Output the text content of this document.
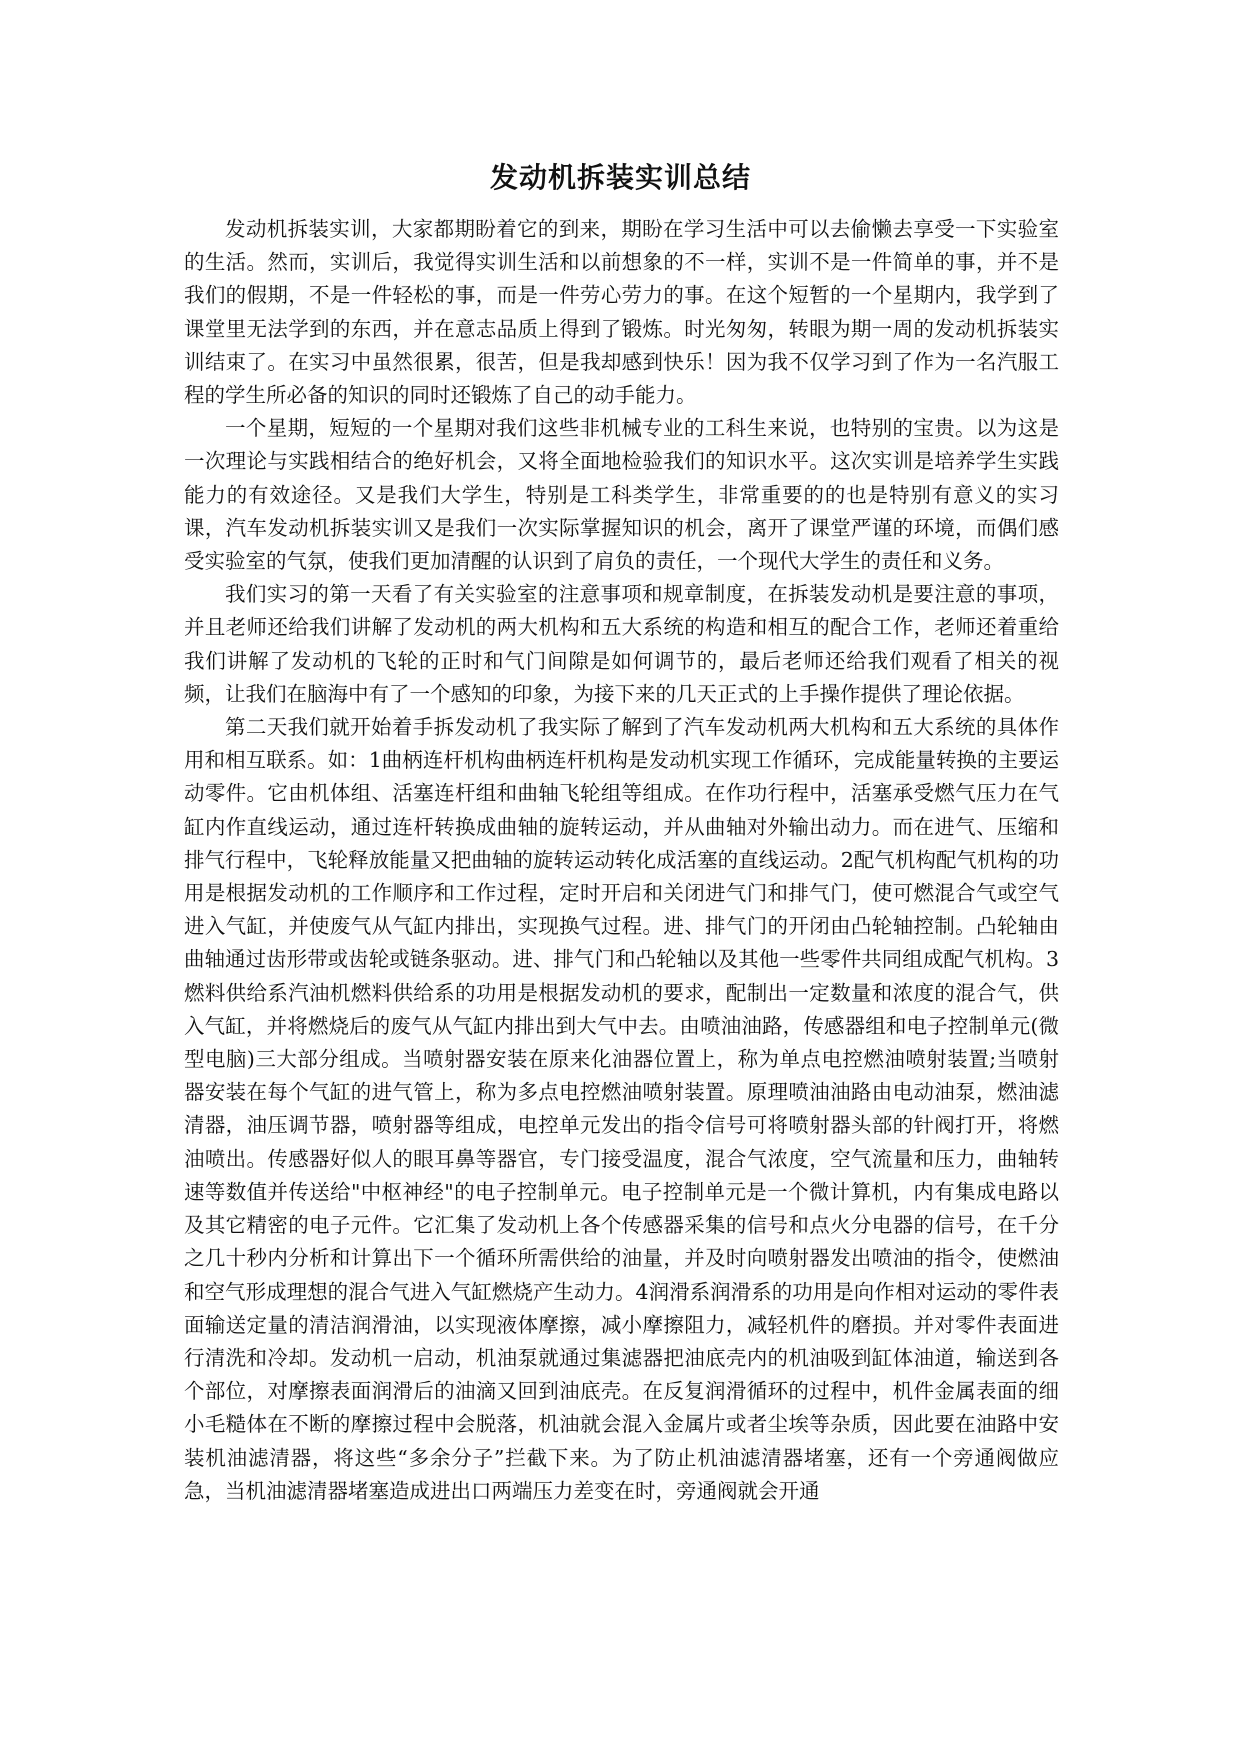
发动机拆装实训总结

发动机拆装实训，大家都期盼着它的到来，期盼在学习生活中可以去偷懒去享受一下实验室的生活。然而，实训后，我觉得实训生活和以前想象的不一样，实训不是一件简单的事，并不是我们的假期，不是一件轻松的事，而是一件劳心劳力的事。在这个短暂的一个星期内，我学到了课堂里无法学到的东西，并在意志品质上得到了锻炼。时光匆匆，转眼为期一周的发动机拆装实训结束了。在实习中虽然很累，很苦，但是我却感到快乐！因为我不仅学习到了作为一名汽服工程的学生所必备的知识的同时还锻炼了自己的动手能力。

一个星期，短短的一个星期对我们这些非机械专业的工科生来说，也特别的宝贵。以为这是一次理论与实践相结合的绝好机会，又将全面地检验我们的知识水平。这次实训是培养学生实践能力的有效途径。又是我们大学生，特别是工科类学生，非常重要的的也是特别有意义的实习课，汽车发动机拆装实训又是我们一次实际掌握知识的机会，离开了课堂严谨的环境，而偶们感受实验室的气氛，使我们更加清醒的认识到了肩负的责任，一个现代大学生的责任和义务。

我们实习的第一天看了有关实验室的注意事项和规章制度，在拆装发动机是要注意的事项，并且老师还给我们讲解了发动机的两大机构和五大系统的构造和相互的配合工作，老师还着重给我们讲解了发动机的飞轮的正时和气门间隙是如何调节的，最后老师还给我们观看了相关的视频，让我们在脑海中有了一个感知的印象，为接下来的几天正式的上手操作提供了理论依据。

第二天我们就开始着手拆发动机了我实际了解到了汽车发动机两大机构和五大系统的具体作用和相互联系。如：1曲柄连杆机构曲柄连杆机构是发动机实现工作循环，完成能量转换的主要运动零件。它由机体组、活塞连杆组和曲轴飞轮组等组成。在作功行程中，活塞承受燃气压力在气缸内作直线运动，通过连杆转换成曲轴的旋转运动，并从曲轴对外输出动力。而在进气、压缩和排气行程中，飞轮释放能量又把曲轴的旋转运动转化成活塞的直线运动。2配气机构配气机构的功用是根据发动机的工作顺序和工作过程，定时开启和关闭进气门和排气门，使可燃混合气或空气进入气缸，并使废气从气缸内排出，实现换气过程。进、排气门的开闭由凸轮轴控制。凸轮轴由曲轴通过齿形带或齿轮或链条驱动。进、排气门和凸轮轴以及其他一些零件共同组成配气机构。3燃料供给系汽油机燃料供给系的功用是根据发动机的要求，配制出一定数量和浓度的混合气，供入气缸，并将燃烧后的废气从气缸内排出到大气中去。由喷油油路，传感器组和电子控制单元(微型电脑)三大部分组成。当喷射器安装在原来化油器位置上，称为单点电控燃油喷射装置;当喷射器安装在每个气缸的进气管上，称为多点电控燃油喷射装置。原理喷油油路由电动油泵，燃油滤清器，油压调节器，喷射器等组成，电控单元发出的指令信号可将喷射器头部的针阀打开，将燃油喷出。传感器好似人的眼耳鼻等器官，专门接受温度，混合气浓度，空气流量和压力，曲轴转速等数值并传送给"中枢神经"的电子控制单元。电子控制单元是一个微计算机，内有集成电路以及其它精密的电子元件。它汇集了发动机上各个传感器采集的信号和点火分电器的信号，在千分之几十秒内分析和计算出下一个循环所需供给的油量，并及时向喷射器发出喷油的指令，使燃油和空气形成理想的混合气进入气缸燃烧产生动力。4润滑系润滑系的功用是向作相对运动的零件表面输送定量的清洁润滑油，以实现液体摩擦，减小摩擦阻力，减轻机件的磨损。并对零件表面进行清洗和冷却。发动机一启动，机油泵就通过集滤器把油底壳内的机油吸到缸体油道，输送到各个部位，对摩擦表面润滑后的油滴又回到油底壳。在反复润滑循环的过程中，机件金属表面的细小毛糙体在不断的摩擦过程中会脱落，机油就会混入金属片或者尘埃等杂质，因此要在油路中安装机油滤清器，将这些“多余分子”拦截下来。为了防止机油滤清器堵塞，还有一个旁通阀做应急，当机油滤清器堵塞造成进出口两端压力差变在时，旁通阀就会开通
